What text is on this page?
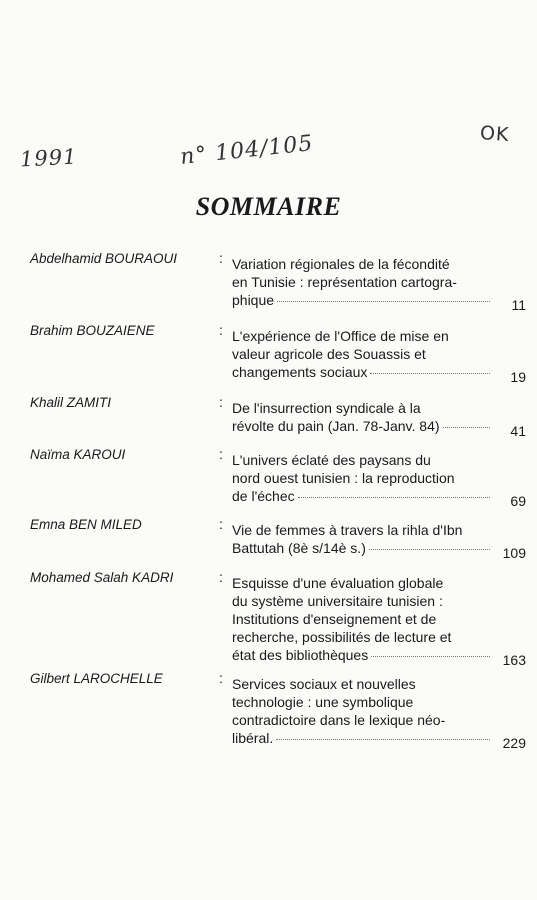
1991	n° 104/105	OK
SOMMAIRE
Abdelhamid BOURAOUI	: Variation régionales de la fécondité
en Tunisie : représentation cartogra-
phique	11
Brahim BOUZAIENE	: L'expérience de l'Office de mise en
valeur agricole des Souassis et
changements sociaux	19
Khalil ZAMITI	: De l'insurrection syndicale à la
révolte du pain (Jan. 78-Janv. 84)	41
Naïma KAROUI	: L'univers éclaté des paysans du
nord ouest tunisien : la reproduction
de l'échec	69
Emna BEN MILED	: Vie de femmes à travers la rihla d'Ibn
Battutah (8è s/14è s.)	109
Mohamed Salah KADRI	: Esquisse d'une évaluation globale
du système universitaire tunisien :
Institutions d'enseignement et de
recherche, possibilités de lecture et
état des bibliothèques	163
Gilbert LAROCHELLE	: Services sociaux et nouvelles
technologie : une symbolique
contradictoire dans le lexique néo-
libéral.	229
